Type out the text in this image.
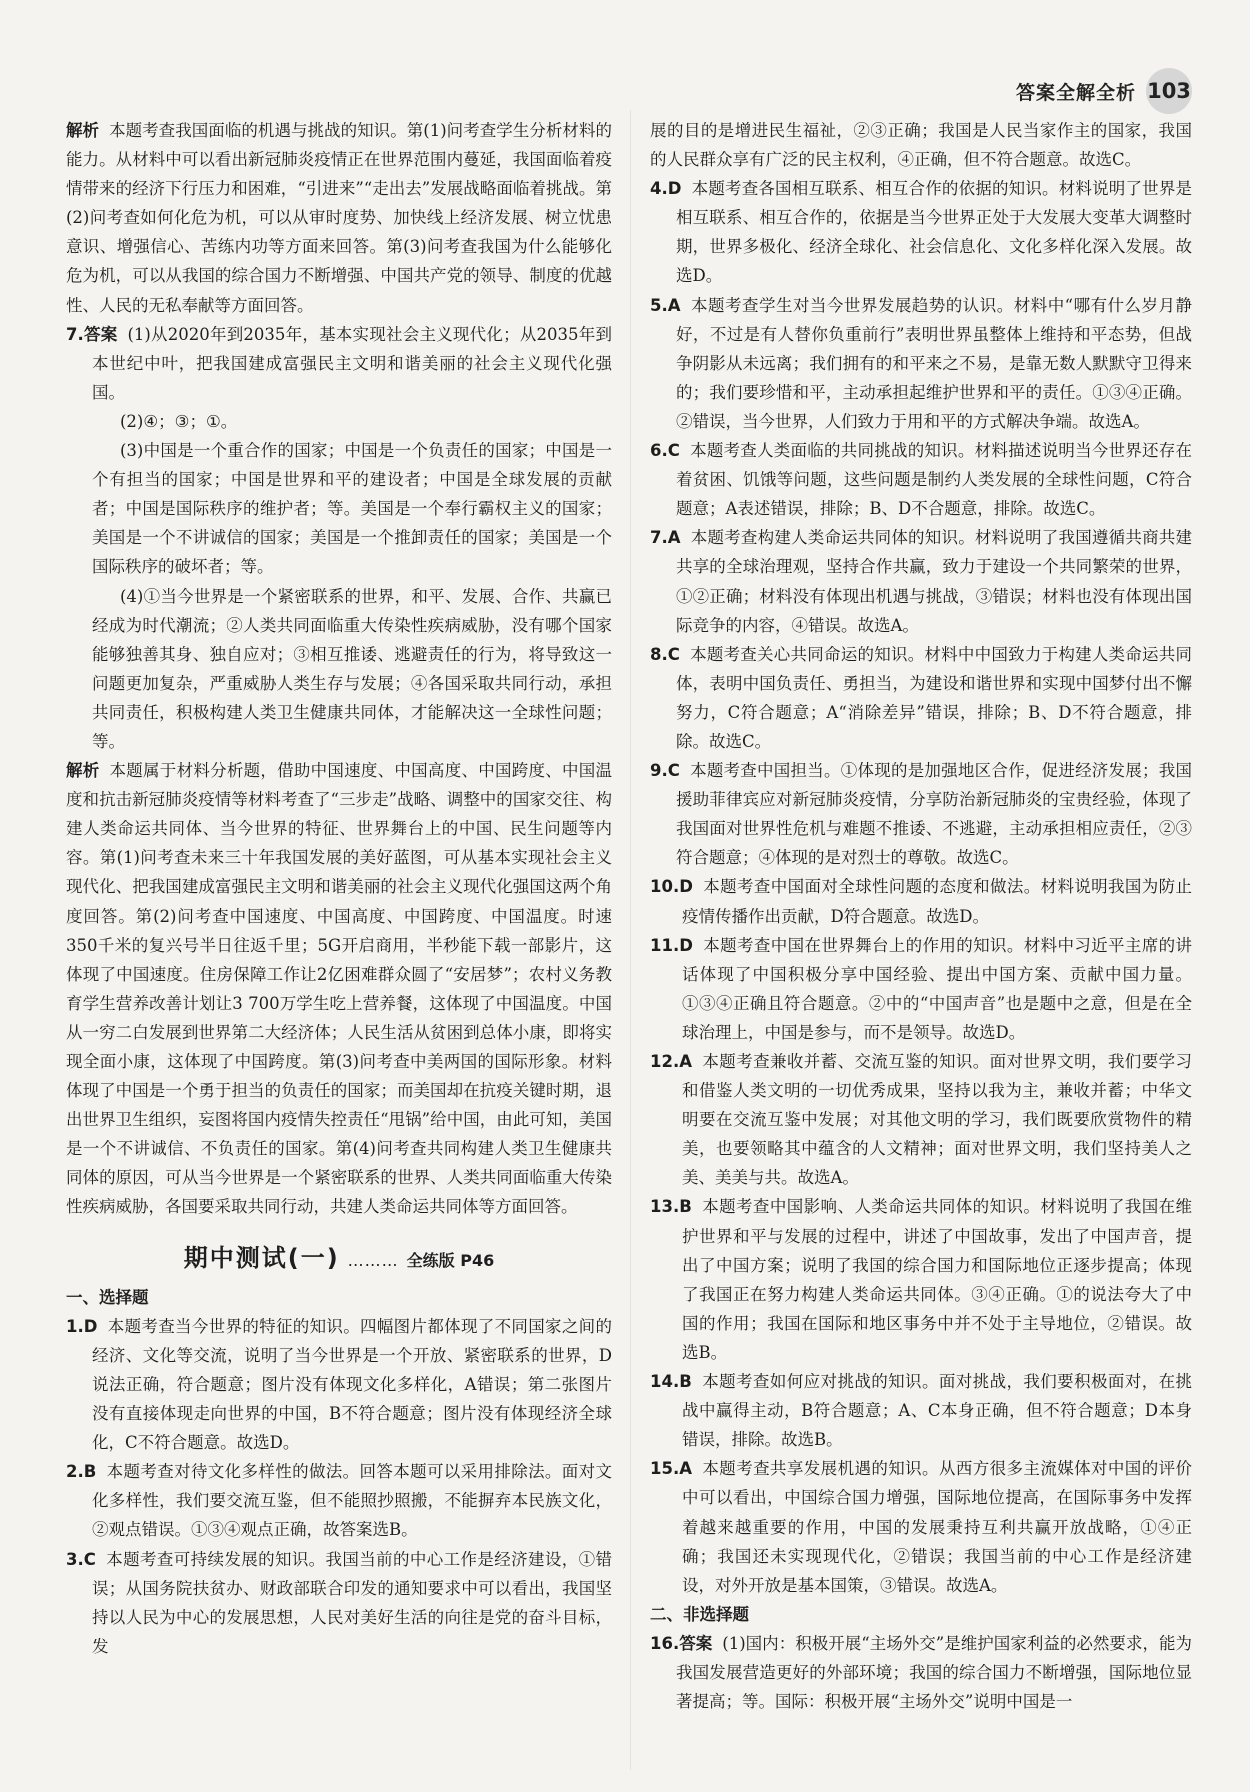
答案全解全析 103

解析 本题考查我国面临的机遇与挑战的知识。第(1)问考查学生分析材料的能力。从材料中可以看出新冠肺炎疫情正在世界范围内蔓延，我国面临着疫情带来的经济下行压力和困难，“引进来”“走出去”发展战略面临着挑战。第(2)问考查如何化危为机，可以从审时度势、加快线上经济发展、树立忧患意识、增强信心、苦练内功等方面来回答。第(3)问考查我国为什么能够化危为机，可以从我国的综合国力不断增强、中国共产党的领导、制度的优越性、人民的无私奉献等方面回答。

7.答案 (1)从2020年到2035年，基本实现社会主义现代化；从2035年到本世纪中叶，把我国建成富强民主文明和谐美丽的社会主义现代化强国。

(2)④；③；①。

(3)中国是一个重合作的国家；中国是一个负责任的国家；中国是一个有担当的国家；中国是世界和平的建设者；中国是全球发展的贡献者；中国是国际秩序的维护者；等。美国是一个奉行霸权主义的国家；美国是一个不讲诚信的国家；美国是一个推卸责任的国家；美国是一个国际秩序的破坏者；等。

(4)①当今世界是一个紧密联系的世界，和平、发展、合作、共赢已经成为时代潮流；②人类共同面临重大传染性疾病威胁，没有哪个国家能够独善其身、独自应对；③相互推诿、逃避责任的行为，将导致这一问题更加复杂，严重威胁人类生存与发展；④各国采取共同行动，承担共同责任，积极构建人类卫生健康共同体，才能解决这一全球性问题；等。

解析 本题属于材料分析题，借助中国速度、中国高度、中国跨度、中国温度和抗击新冠肺炎疫情等材料考查了“三步走”战略、调整中的国家交往、构建人类命运共同体、当今世界的特征、世界舞台上的中国、民生问题等内容。第(1)问考查未来三十年我国发展的美好蓝图，可从基本实现社会主义现代化、把我国建成富强民主文明和谐美丽的社会主义现代化强国这两个角度回答。第(2)问考查中国速度、中国高度、中国跨度、中国温度。时速350千米的复兴号半日往返千里；5G开启商用，半秒能下载一部影片，这体现了中国速度。住房保障工作让2亿困难群众圆了“安居梦”；农村义务教育学生营养改善计划让3 700万学生吃上营养餐，这体现了中国温度。中国从一穷二白发展到世界第二大经济体；人民生活从贫困到总体小康，即将实现全面小康，这体现了中国跨度。第(3)问考查中美两国的国际形象。材料体现了中国是一个勇于担当的负责任的国家；而美国却在抗疫关键时期，退出世界卫生组织，妄图将国内疫情失控责任“甩锅”给中国，由此可知，美国是一个不讲诚信、不负责任的国家。第(4)问考查共同构建人类卫生健康共同体的原因，可从当今世界是一个紧密联系的世界、人类共同面临重大传染性疾病威胁，各国要采取共同行动，共建人类命运共同体等方面回答。

期中测试(一) ……… 全练版 P46

一、选择题

1.D 本题考查当今世界的特征的知识。四幅图片都体现了不同国家之间的经济、文化等交流，说明了当今世界是一个开放、紧密联系的世界，D说法正确，符合题意；图片没有体现文化多样化，A错误；第二张图片没有直接体现走向世界的中国，B不符合题意；图片没有体现经济全球化，C不符合题意。故选D。

2.B 本题考查对待文化多样性的做法。回答本题可以采用排除法。面对文化多样性，我们要交流互鉴，但不能照抄照搬，不能摒弃本民族文化，②观点错误。①③④观点正确，故答案选B。

3.C 本题考查可持续发展的知识。我国当前的中心工作是经济建设，①错误；从国务院扶贫办、财政部联合印发的通知要求中可以看出，我国坚持以人民为中心的发展思想，人民对美好生活的向往是党的奋斗目标，发

展的目的是增进民生福祉，②③正确；我国是人民当家作主的国家，我国的人民群众享有广泛的民主权利，④正确，但不符合题意。故选C。

4.D 本题考查各国相互联系、相互合作的依据的知识。材料说明了世界是相互联系、相互合作的，依据是当今世界正处于大发展大变革大调整时期，世界多极化、经济全球化、社会信息化、文化多样化深入发展。故选D。

5.A 本题考查学生对当今世界发展趋势的认识。材料中“哪有什么岁月静好，不过是有人替你负重前行”表明世界虽整体上维持和平态势，但战争阴影从未远离；我们拥有的和平来之不易，是靠无数人默默守卫得来的；我们要珍惜和平，主动承担起维护世界和平的责任。①③④正确。②错误，当今世界，人们致力于用和平的方式解决争端。故选A。

6.C 本题考查人类面临的共同挑战的知识。材料描述说明当今世界还存在着贫困、饥饿等问题，这些问题是制约人类发展的全球性问题，C符合题意；A表述错误，排除；B、D不合题意，排除。故选C。

7.A 本题考查构建人类命运共同体的知识。材料说明了我国遵循共商共建共享的全球治理观，坚持合作共赢，致力于建设一个共同繁荣的世界，①②正确；材料没有体现出机遇与挑战，③错误；材料也没有体现出国际竞争的内容，④错误。故选A。

8.C 本题考查关心共同命运的知识。材料中中国致力于构建人类命运共同体，表明中国负责任、勇担当，为建设和谐世界和实现中国梦付出不懈努力，C符合题意；A“消除差异”错误，排除；B、D不符合题意，排除。故选C。

9.C 本题考查中国担当。①体现的是加强地区合作，促进经济发展；我国援助菲律宾应对新冠肺炎疫情，分享防治新冠肺炎的宝贵经验，体现了我国面对世界性危机与难题不推诿、不逃避，主动承担相应责任，②③符合题意；④体现的是对烈士的尊敬。故选C。

10.D 本题考查中国面对全球性问题的态度和做法。材料说明我国为防止疫情传播作出贡献，D符合题意。故选D。

11.D 本题考查中国在世界舞台上的作用的知识。材料中习近平主席的讲话体现了中国积极分享中国经验、提出中国方案、贡献中国力量。①③④正确且符合题意。②中的“中国声音”也是题中之意，但是在全球治理上，中国是参与，而不是领导。故选D。

12.A 本题考查兼收并蓄、交流互鉴的知识。面对世界文明，我们要学习和借鉴人类文明的一切优秀成果，坚持以我为主，兼收并蓄；中华文明要在交流互鉴中发展；对其他文明的学习，我们既要欣赏物件的精美，也要领略其中蕴含的人文精神；面对世界文明，我们坚持美人之美、美美与共。故选A。

13.B 本题考查中国影响、人类命运共同体的知识。材料说明了我国在维护世界和平与发展的过程中，讲述了中国故事，发出了中国声音，提出了中国方案；说明了我国的综合国力和国际地位正逐步提高；体现了我国正在努力构建人类命运共同体。③④正确。①的说法夸大了中国的作用；我国在国际和地区事务中并不处于主导地位，②错误。故选B。

14.B 本题考查如何应对挑战的知识。面对挑战，我们要积极面对，在挑战中赢得主动，B符合题意；A、C本身正确，但不符合题意；D本身错误，排除。故选B。

15.A 本题考查共享发展机遇的知识。从西方很多主流媒体对中国的评价中可以看出，中国综合国力增强，国际地位提高，在国际事务中发挥着越来越重要的作用，中国的发展秉持互利共赢开放战略，①④正确；我国还未实现现代化，②错误；我国当前的中心工作是经济建设，对外开放是基本国策，③错误。故选A。

二、非选择题

16.答案 (1)国内：积极开展“主场外交”是维护国家利益的必然要求，能为我国发展营造更好的外部环境；我国的综合国力不断增强，国际地位显著提高；等。国际：积极开展“主场外交”说明中国是一
